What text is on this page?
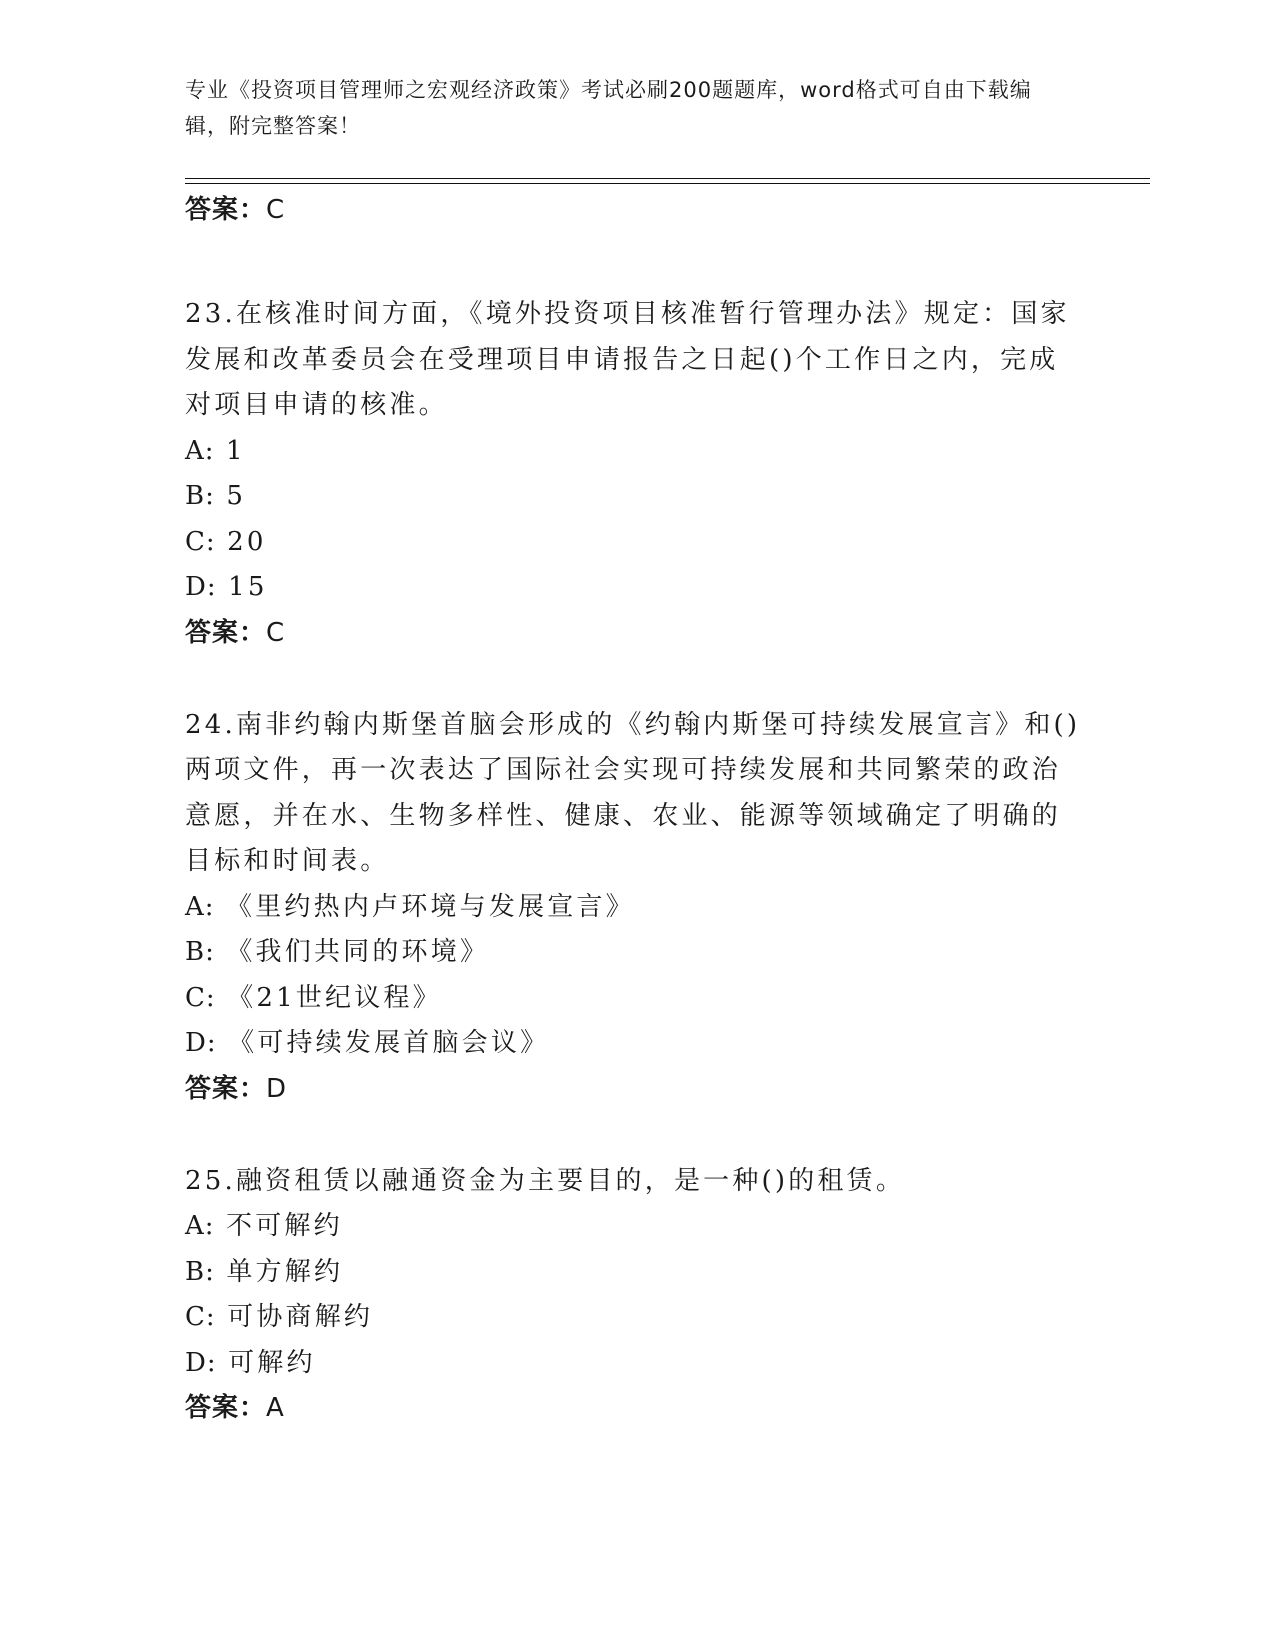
专业《投资项目管理师之宏观经济政策》考试必刷200题题库，word格式可自由下载编辑，附完整答案！
答案：C
23.在核准时间方面，《境外投资项目核准暂行管理办法》规定：国家发展和改革委员会在受理项目申请报告之日起()个工作日之内，完成对项目申请的核准。
A: 1
B: 5
C: 20
D: 15
答案：C
24.南非约翰内斯堡首脑会形成的《约翰内斯堡可持续发展宣言》和()两项文件，再一次表达了国际社会实现可持续发展和共同繁荣的政治意愿，并在水、生物多样性、健康、农业、能源等领域确定了明确的目标和时间表。
A: 《里约热内卢环境与发展宣言》
B: 《我们共同的环境》
C: 《21世纪议程》
D: 《可持续发展首脑会议》
答案：D
25.融资租赁以融通资金为主要目的，是一种()的租赁。
A: 不可解约
B: 单方解约
C: 可协商解约
D: 可解约
答案：A
